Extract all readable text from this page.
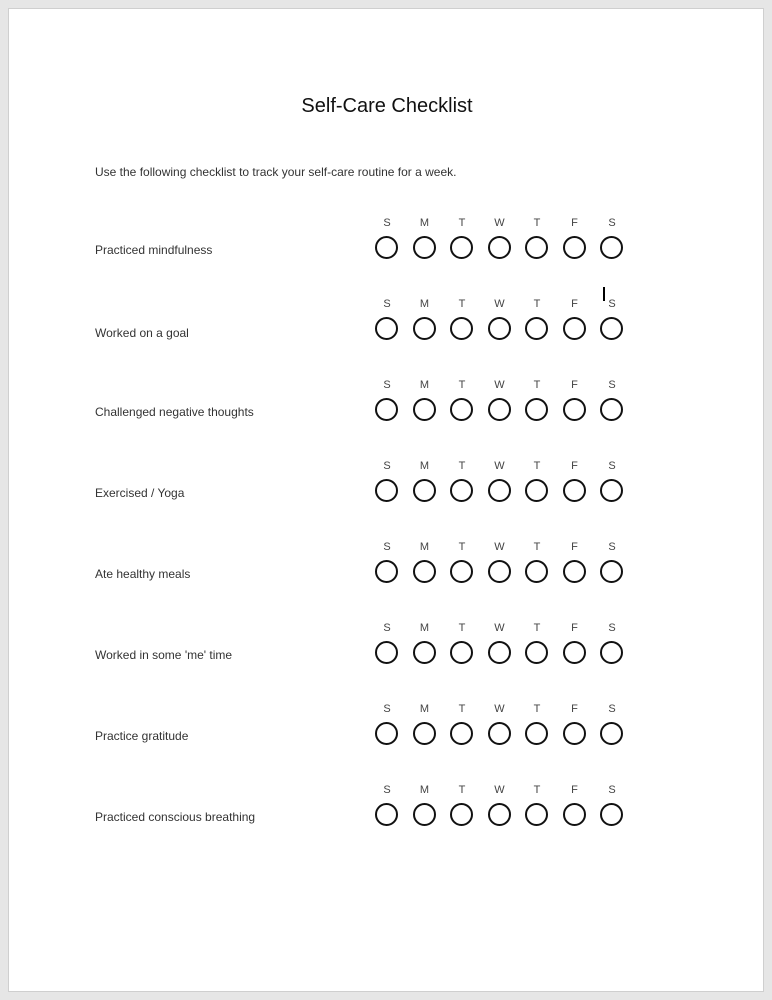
Self-Care Checklist
Use the following checklist to track your self-care routine for a week.
Practiced mindfulness
S	M	T	W	T	F	S
Worked on a goal
S	M	T	W	T	F	S
Challenged negative thoughts
S	M	T	W	T	F	S
Exercised / Yoga
S	M	T	W	T	F	S
Ate healthy meals
S	M	T	W	T	F	S
Worked in some 'me' time
S	M	T	W	T	F	S
Practice gratitude
S	M	T	W	T	F	S
Practiced conscious breathing
S	M	T	W	T	F	S
